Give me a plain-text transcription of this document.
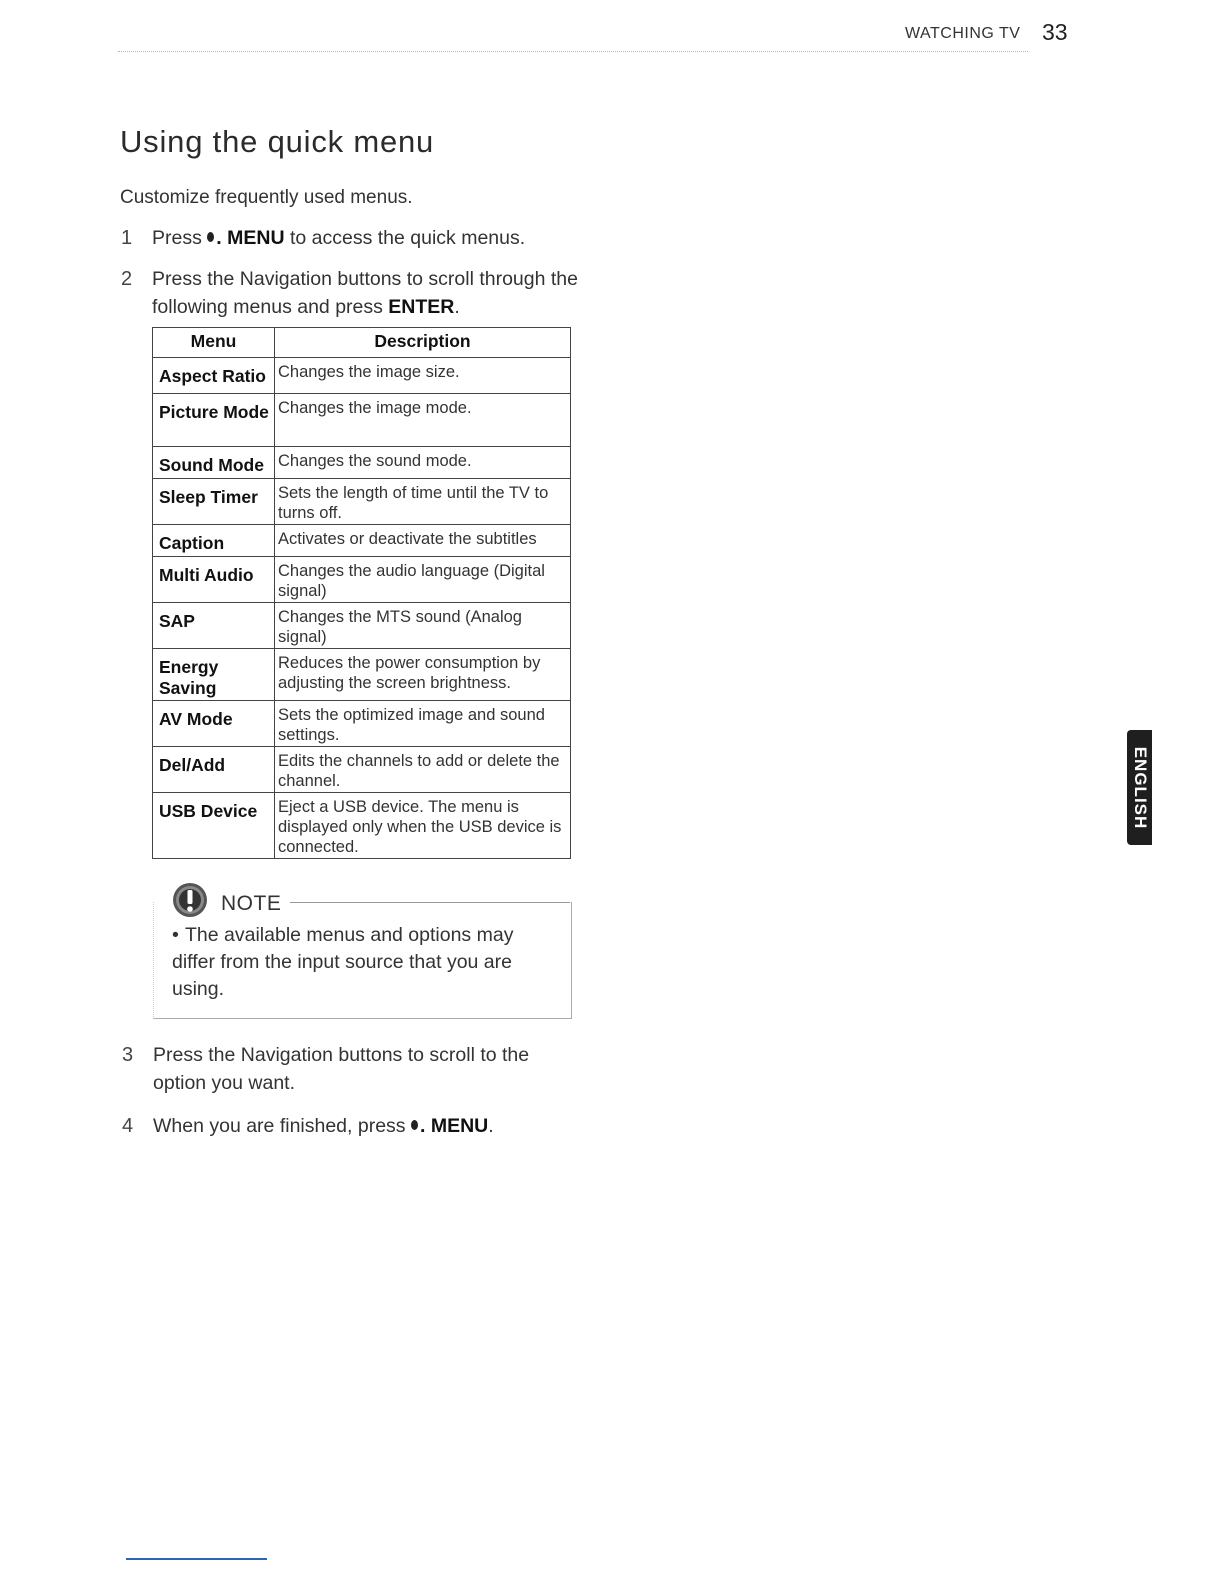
WATCHING TV 33
Using the quick menu
Customize frequently used menus.
1 Press . MENU to access the quick menus.
2 Press the Navigation buttons to scroll through the following menus and press ENTER.
Menu	Description
Aspect Ratio	Changes the image size.
Picture Mode	Changes the image mode.
Sound Mode	Changes the sound mode.
Sleep Timer	Sets the length of time until the TV to turns off.
Caption	Activates or deactivate the subtitles
Multi Audio	Changes the audio language (Digital signal)
SAP	Changes the MTS sound (Analog signal)
Energy Saving	Reduces the power consumption by adjusting the screen brightness.
AV Mode	Sets the optimized image and sound settings.
Del/Add	Edits the channels to add or delete the channel.
USB Device	Eject a USB device. The menu is displayed only when the USB device is connected.
NOTE
• The available menus and options may differ from the input source that you are using.
3 Press the Navigation buttons to scroll to the option you want.
4 When you are finished, press . MENU.
ENGLISH
